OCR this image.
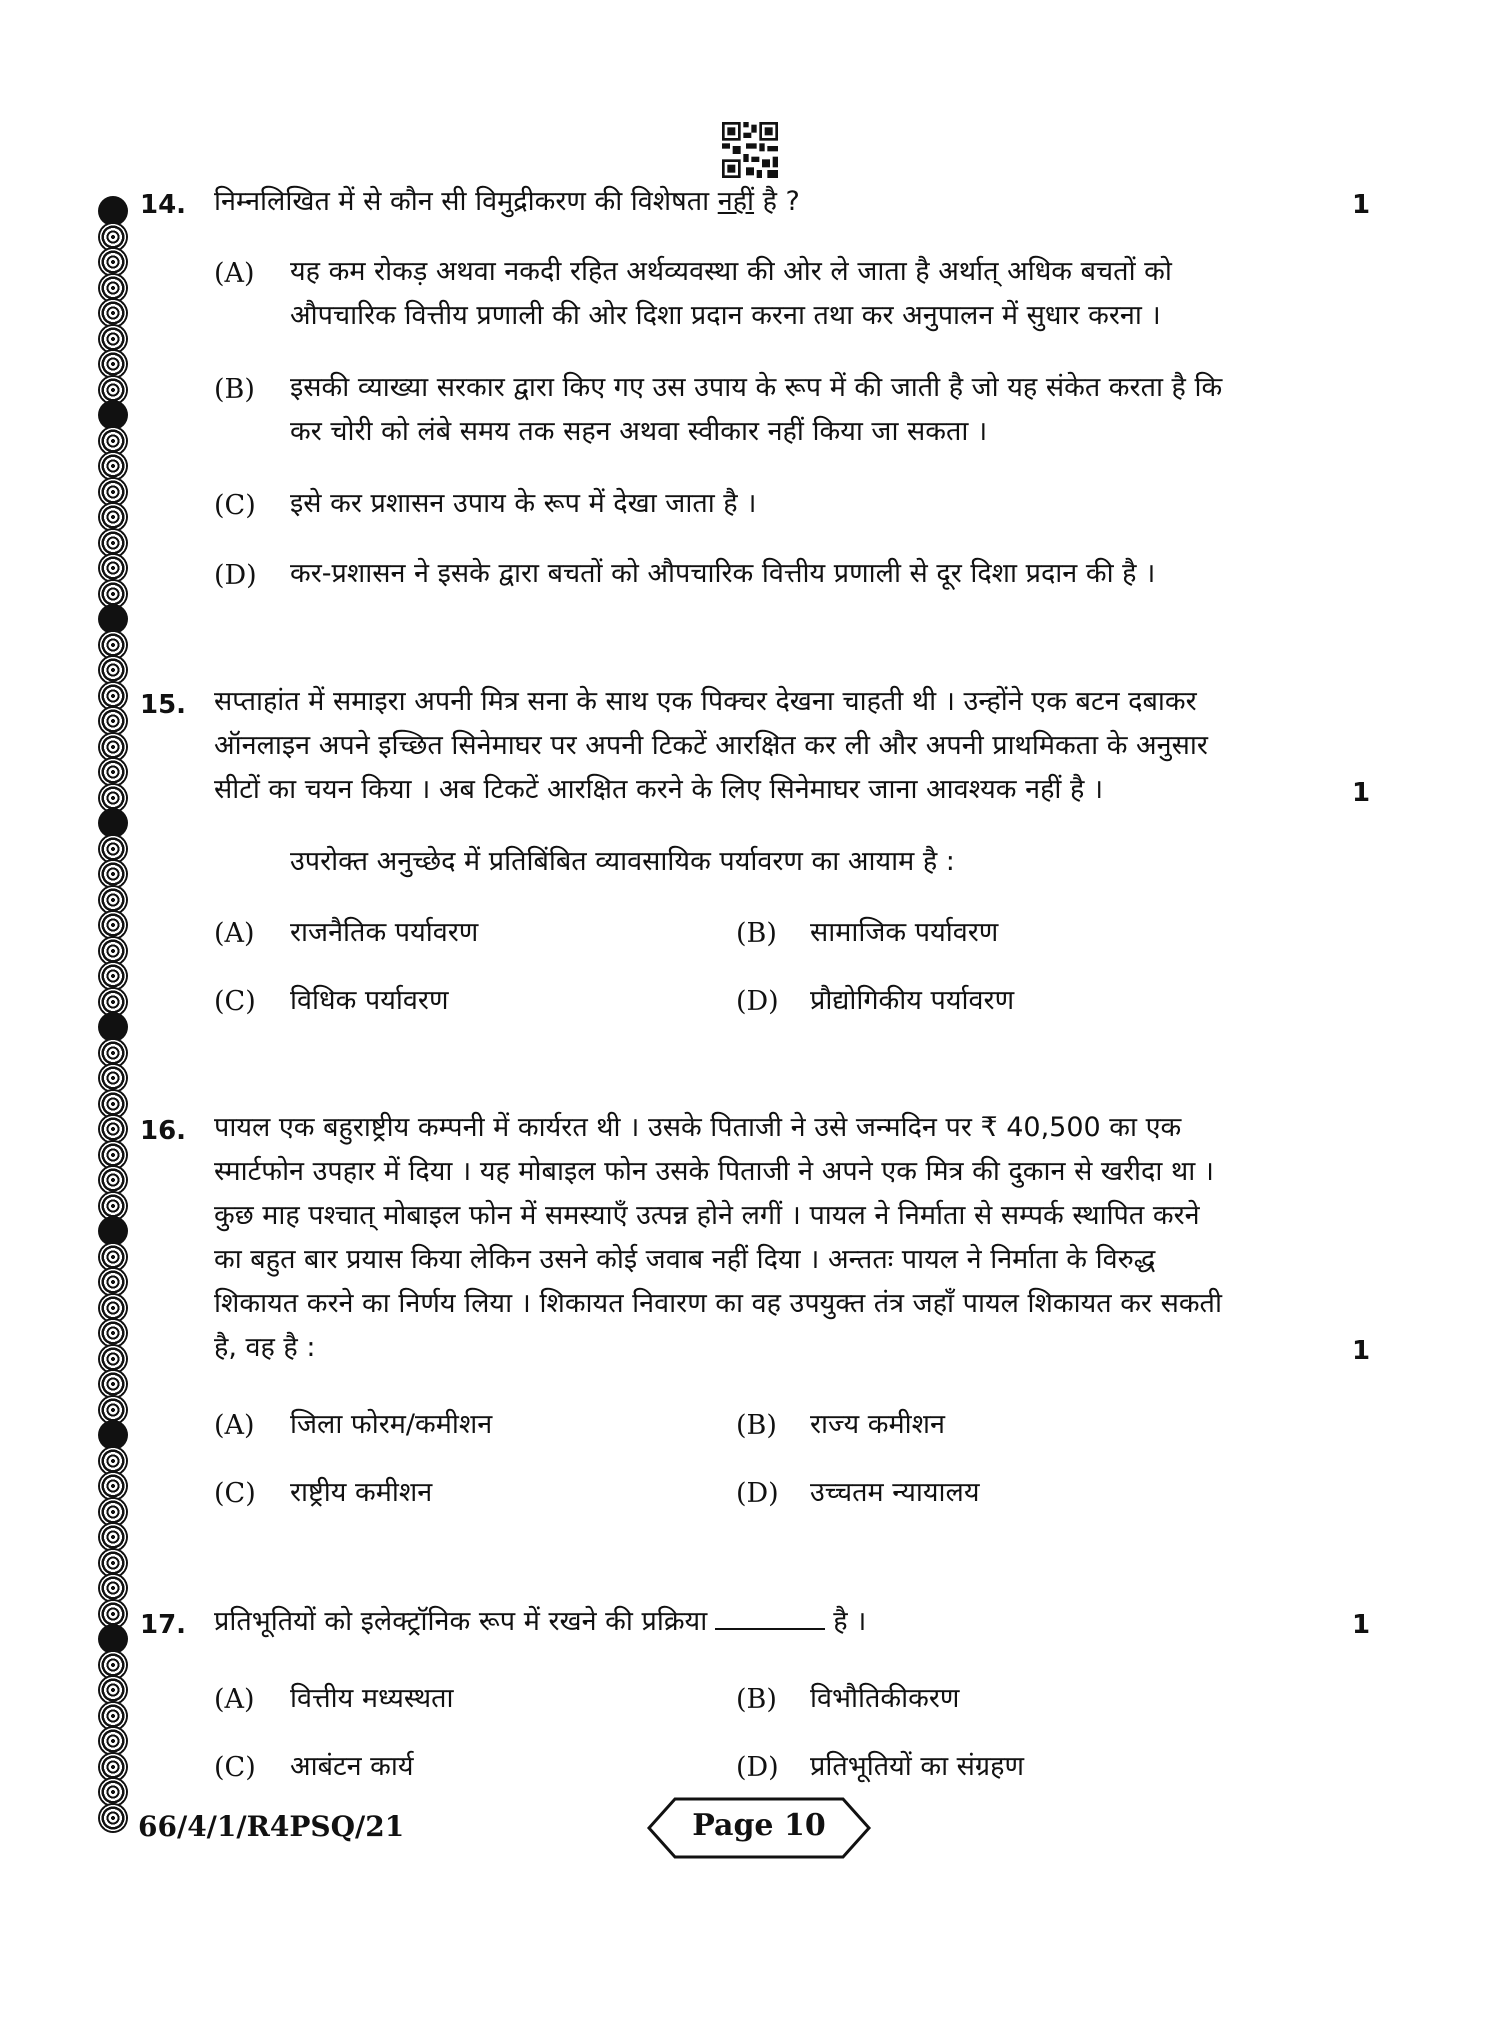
14. निम्नलिखित में से कौन सी विमुद्रीकरण की विशेषता नहीं है ?	1
(A) यह कम रोकड़ अथवा नकदी रहित अर्थव्यवस्था की ओर ले जाता है अर्थात् अधिक बचतों को
औपचारिक वित्तीय प्रणाली की ओर दिशा प्रदान करना तथा कर अनुपालन में सुधार करना ।
(B) इसकी व्याख्या सरकार द्वारा किए गए उस उपाय के रूप में की जाती है जो यह संकेत करता है कि
कर चोरी को लंबे समय तक सहन अथवा स्वीकार नहीं किया जा सकता ।
(C) इसे कर प्रशासन उपाय के रूप में देखा जाता है ।
(D) कर-प्रशासन ने इसके द्वारा बचतों को औपचारिक वित्तीय प्रणाली से दूर दिशा प्रदान की है ।
15. सप्ताहांत में समाइरा अपनी मित्र सना के साथ एक पिक्चर देखना चाहती थी । उन्होंने एक बटन दबाकर
ऑनलाइन अपने इच्छित सिनेमाघर पर अपनी टिकटें आरक्षित कर ली और अपनी प्राथमिकता के अनुसार
सीटों का चयन किया । अब टिकटें आरक्षित करने के लिए सिनेमाघर जाना आवश्यक नहीं है ।	1
उपरोक्त अनुच्छेद में प्रतिबिंबित व्यावसायिक पर्यावरण का आयाम है :
(A) राजनैतिक पर्यावरण	(B) सामाजिक पर्यावरण
(C) विधिक पर्यावरण	(D) प्रौद्योगिकीय पर्यावरण
16. पायल एक बहुराष्ट्रीय कम्पनी में कार्यरत थी । उसके पिताजी ने उसे जन्मदिन पर ₹ 40,500 का एक
स्मार्टफोन उपहार में दिया । यह मोबाइल फोन उसके पिताजी ने अपने एक मित्र की दुकान से खरीदा था ।
कुछ माह पश्चात् मोबाइल फोन में समस्याएँ उत्पन्न होने लगीं । पायल ने निर्माता से सम्पर्क स्थापित करने
का बहुत बार प्रयास किया लेकिन उसने कोई जवाब नहीं दिया । अन्ततः पायल ने निर्माता के विरुद्ध
शिकायत करने का निर्णय लिया । शिकायत निवारण का वह उपयुक्त तंत्र जहाँ पायल शिकायत कर सकती
है, वह है :	1
(A) जिला फोरम/कमीशन	(B) राज्य कमीशन
(C) राष्ट्रीय कमीशन	(D) उच्चतम न्यायालय
17. प्रतिभूतियों को इलेक्ट्रॉनिक रूप में रखने की प्रक्रिया	है ।	1
(A) वित्तीय मध्यस्थता	(B) विभौतिकीकरण
(C) आबंटन कार्य	(D) प्रतिभूतियों का संग्रहण
66/4/1/R4PSQ/21	Page 10
